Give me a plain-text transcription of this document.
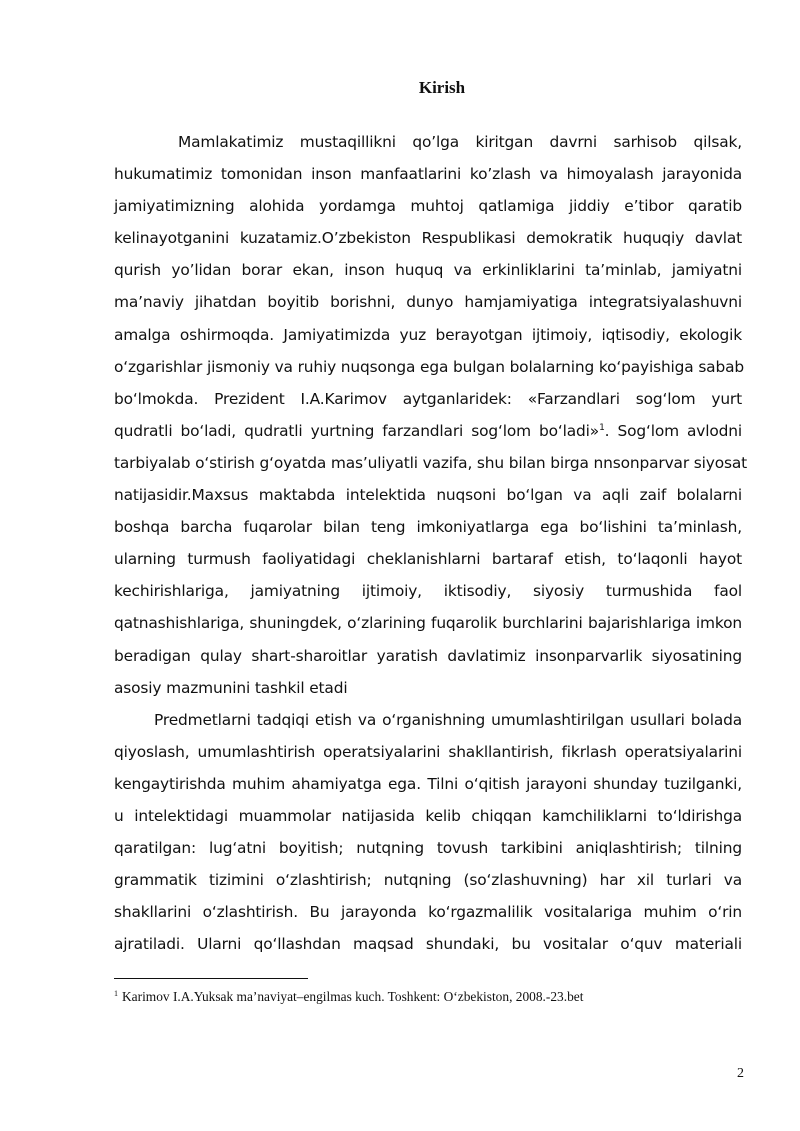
Kirish

Mamlakatimiz mustaqillikni qo’lga kiritgan davrni sarhisob qilsak,
hukumatimiz tomonidan inson manfaatlarini ko’zlash va himoyalash jarayonida
jamiyatimizning alohida yordamga muhtoj qatlamiga jiddiy e’tibor qaratib
kelinayotganini kuzatamiz.O’zbekiston Respublikasi demokratik huquqiy davlat
qurish yo’lidan borar ekan, inson huquq va erkinliklarini ta’minlab, jamiyatni
ma’naviy jihatdan boyitib borishni, dunyo hamjamiyatiga integratsiyalashuvni
amalga oshirmoqda. Jamiyatimizda yuz berayotgan ijtimoiy, iqtisodiy, ekologik
o‘zgarishlar jismoniy va ruhiy nuqsonga ega bulgan bolalarning ko‘payishiga sabab
bo‘lmokda. Prezident I.A.Karimov aytganlaridek: «Farzandlari sog‘lom yurt
qudratli bo‘ladi, qudratli yurtning farzandlari sog‘lom bo‘ladi»$^1$. Sog‘lom avlodni
tarbiyalab o‘stirish g‘oyatda mas’uliyatli vazifa, shu bilan birga nnsonparvar siyosat
natijasidir.Maxsus maktabda intelektida nuqsoni bo‘lgan va aqli zaif bolalarni
boshqa barcha fuqarolar bilan teng imkoniyatlarga ega bo‘lishini ta’minlash,
ularning turmush faoliyatidagi cheklanishlarni bartaraf etish, to‘laqonli hayot
kechirishlariga, jamiyatning ijtimoiy, iktisodiy, siyosiy turmushida faol
qatnashishlariga, shuningdek, o‘zlarining fuqarolik burchlarini bajarishlariga imkon
beradigan qulay shart-sharoitlar yaratish davlatimiz insonparvarlik siyosatining
asosiy mazmunini tashkil etadi

Predmetlarni tadqiqi etish va o‘rganishning umumlashtirilgan usullari bolada
qiyoslash, umumlashtirish operatsiyalarini shakllantirish, fikrlash operatsiyalarini
kengaytirishda muhim ahamiyatga ega. Tilni o‘qitish jarayoni shunday tuzilganki,
u intelektidagi muammolar natijasida kelib chiqqan kamchiliklarni to‘ldirishga
qaratilgan: lug‘atni boyitish; nutqning tovush tarkibini aniqlashtirish; tilning
grammatik tizimini o‘zlashtirish; nutqning (so‘zlashuvning) har xil turlari va
shakllarini o‘zlashtirish. Bu jarayonda ko‘rgazmalilik vositalariga muhim o‘rin
ajratiladi. Ularni qo‘llashdan maqsad shundaki, bu vositalar o‘quv materiali

$^1$ Karimov I.A.Yuksak ma’naviyat–engilmas kuch. Toshkent: O‘zbekiston, 2008.-23.bet
2
